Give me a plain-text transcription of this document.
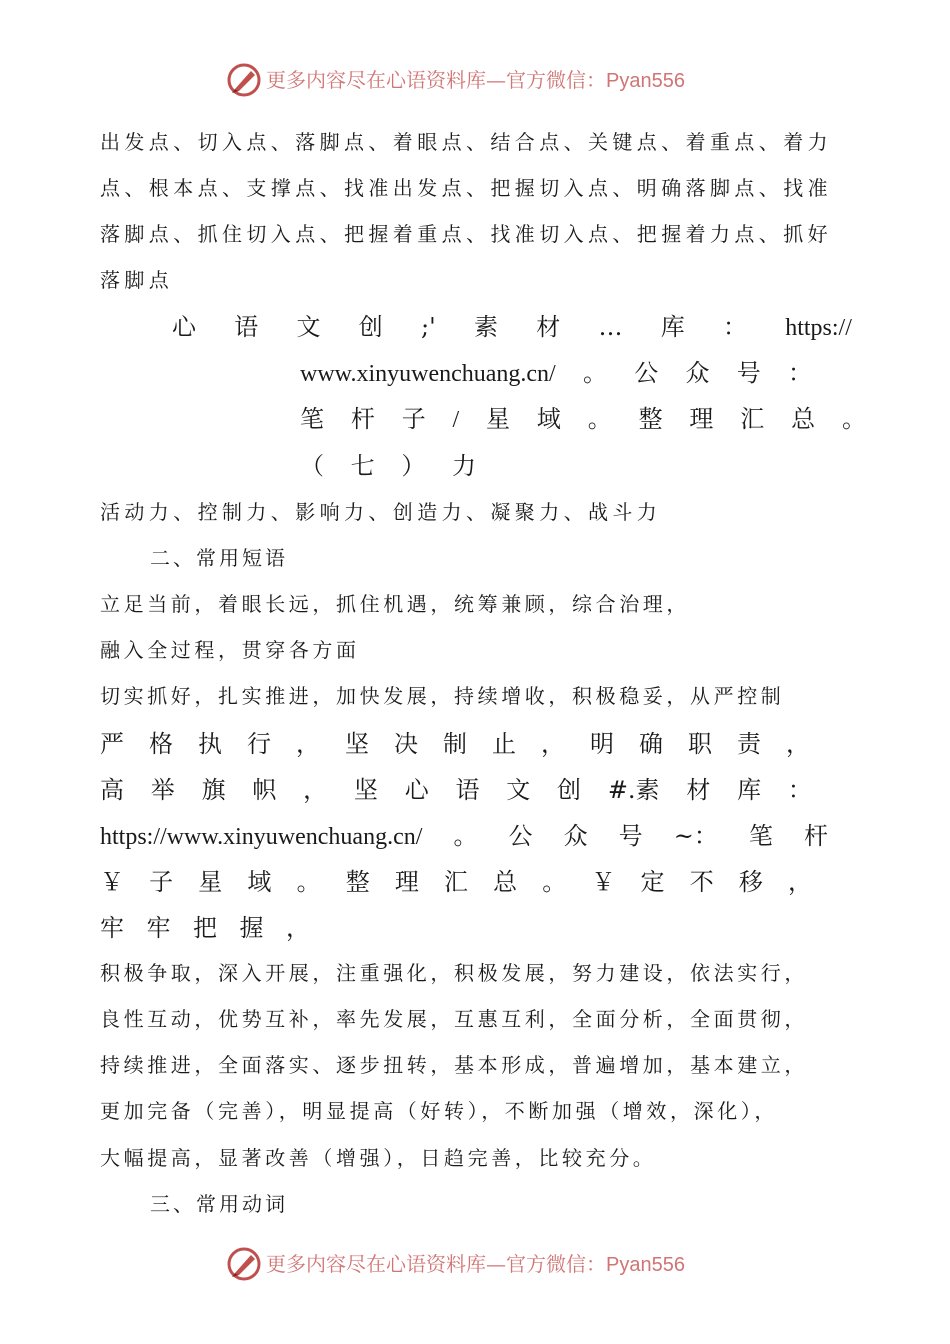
更多内容尽在心语资料库—官方微信：Pyan556
出发点、切入点、落脚点、着眼点、结合点、关键点、着重点、着力
点、根本点、支撑点、找准出发点、把握切入点、明确落脚点、找准
落脚点、抓住切入点、把握着重点、找准切入点、把握着力点、抓好
落脚点
心 语 文 创 ;' 素 材 … 库 ： https://
www.xinyuwenchuang.cn/ 。 公 众 号 ：
笔 杆 子 / 星 域 。 整 理 汇 总 。
（ 七 ） 力
活动力、控制力、影响力、创造力、凝聚力、战斗力
二、常用短语
立足当前，着眼长远，抓住机遇，统筹兼顾，综合治理，
融入全过程，贯穿各方面
切实抓好，扎实推进，加快发展，持续增收，积极稳妥，从严控制
严 格 执 行 ， 坚 决 制 止 ， 明 确 职 责 ，
高 举 旗 帜 ， 坚 心 语 文 创 #.素 材 库 ：
https://www.xinyuwenchuang.cn/ 。 公 众 号 ~： 笔 杆
￥ 子 星 域 。 整 理 汇 总 。 ￥ 定 不 移 ，
牢 牢 把 握 ，
积极争取，深入开展，注重强化，积极发展，努力建设，依法实行，
良性互动，优势互补，率先发展，互惠互利，全面分析，全面贯彻，
持续推进，全面落实、逐步扭转，基本形成，普遍增加，基本建立，
更加完备（完善），明显提高（好转），不断加强（增效，深化），
大幅提高，显著改善（增强），日趋完善，比较充分。
三、常用动词
更多内容尽在心语资料库—官方微信：Pyan556
